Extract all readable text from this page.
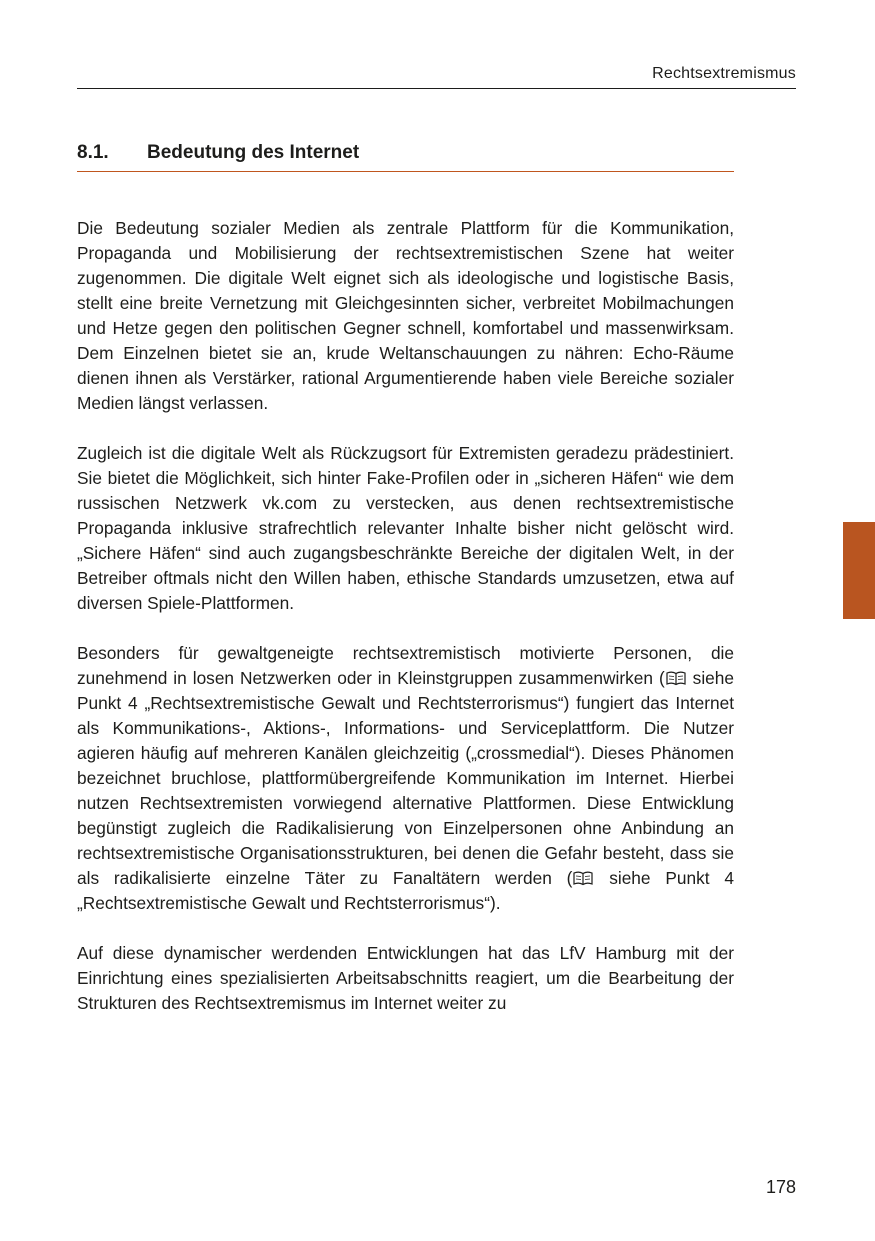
Rechtsextremismus
8.1. Bedeutung des Internet

Die Bedeutung sozialer Medien als zentrale Plattform für die Kommunikation, Propaganda und Mobilisierung der rechtsextremistischen Szene hat weiter zugenommen. Die digitale Welt eignet sich als ideologische und logistische Basis, stellt eine breite Vernetzung mit Gleichgesinnten sicher, verbreitet Mobilmachungen und Hetze gegen den politischen Gegner schnell, komfortabel und massenwirksam. Dem Einzelnen bietet sie an, krude Weltanschauungen zu nähren: Echo-Räume dienen ihnen als Verstärker, rational Argumentierende haben viele Bereiche sozialer Medien längst verlassen.

Zugleich ist die digitale Welt als Rückzugsort für Extremisten geradezu prädestiniert. Sie bietet die Möglichkeit, sich hinter Fake-Profilen oder in „sicheren Häfen“ wie dem russischen Netzwerk vk.com zu verstecken, aus denen rechtsextremistische Propaganda inklusive strafrechtlich relevanter Inhalte bisher nicht gelöscht wird. „Sichere Häfen“ sind auch zugangsbeschränkte Bereiche der digitalen Welt, in der Betreiber oftmals nicht den Willen haben, ethische Standards umzusetzen, etwa auf diversen Spiele-Plattformen.

Besonders für gewaltgeneigte rechtsextremistisch motivierte Personen, die zunehmend in losen Netzwerken oder in Kleinstgruppen zusammenwirken ( siehe Punkt 4 „Rechtsextremistische Gewalt und Rechtsterrorismus“) fungiert das Internet als Kommunikations-, Aktions-, Informations- und Serviceplattform. Die Nutzer agieren häufig auf mehreren Kanälen gleichzeitig („crossmedial“). Dieses Phänomen bezeichnet bruchlose, plattformübergreifende Kommunikation im Internet. Hierbei nutzen Rechtsextremisten vorwiegend alternative Plattformen. Diese Entwicklung begünstigt zugleich die Radikalisierung von Einzelpersonen ohne Anbindung an rechtsextremistische Organisationsstrukturen, bei denen die Gefahr besteht, dass sie als radikalisierte einzelne Täter zu Fanaltätern werden ( siehe Punkt 4 „Rechtsextremistische Gewalt und Rechtsterrorismus“).

Auf diese dynamischer werdenden Entwicklungen hat das LfV Hamburg mit der Einrichtung eines spezialisierten Arbeitsabschnitts reagiert, um die Bearbeitung der Strukturen des Rechtsextremismus im Internet weiter zu

178
